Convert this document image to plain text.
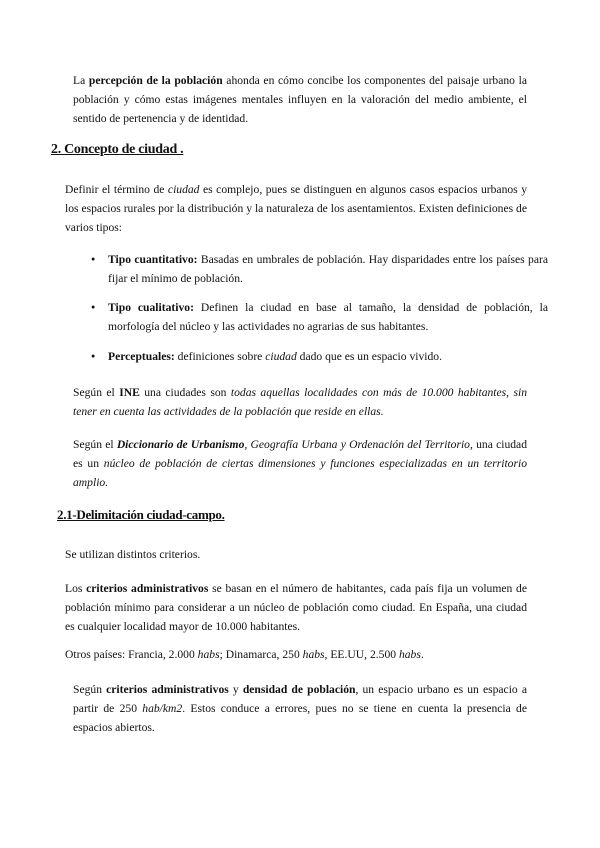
La percepción de la población ahonda en cómo concibe los componentes del paisaje urbano la población y cómo estas imágenes mentales influyen en la valoración del medio ambiente, el sentido de pertenencia y de identidad.

2. Concepto de ciudad .

Definir el término de ciudad es complejo, pues se distinguen en algunos casos espacios urbanos y los espacios rurales por la distribución y la naturaleza de los asentamientos. Existen definiciones de varios tipos:

● Tipo cuantitativo: Basadas en umbrales de población. Hay disparidades entre los países para fijar el mínimo de población.
● Tipo cualitativo: Definen la ciudad en base al tamaño, la densidad de población, la morfología del núcleo y las actividades no agrarias de sus habitantes.
● Perceptuales: definiciones sobre ciudad dado que es un espacio vivido.

Según el INE una ciudades son todas aquellas localidades con más de 10.000 habitantes, sin tener en cuenta las actividades de la población que reside en ellas.

Según el Diccionario de Urbanismo, Geografía Urbana y Ordenación del Territorio, una ciudad es un núcleo de población de ciertas dimensiones y funciones especializadas en un territorio amplio.

2.1-Delimitación ciudad-campo.

Se utilizan distintos criterios.

Los criterios administrativos se basan en el número de habitantes, cada país fija un volumen de población mínimo para considerar a un núcleo de población como ciudad. En España, una ciudad es cualquier localidad mayor de 10.000 habitantes.

Otros países: Francia, 2.000 habs; Dinamarca, 250 habs, EE.UU, 2.500 habs.

Según criterios administrativos y densidad de población, un espacio urbano es un espacio a partir de 250 hab/km2. Estos conduce a errores, pues no se tiene en cuenta la presencia de espacios abiertos.
